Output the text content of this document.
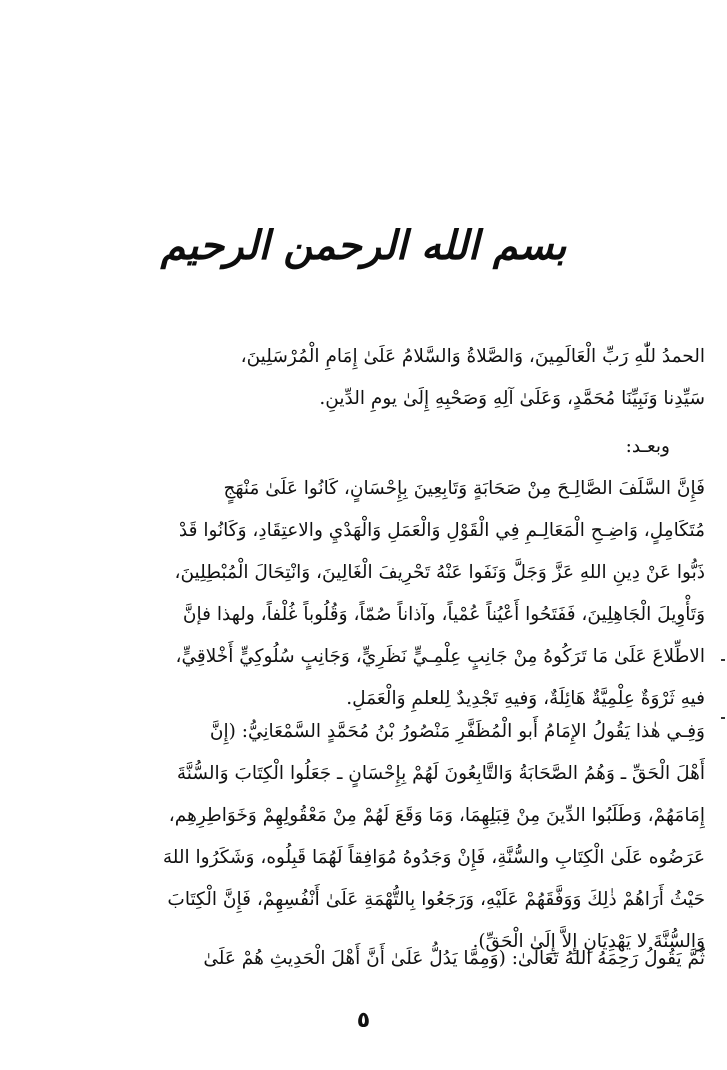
بسم الله الرحمن الرحيم
الحمدُ للّٰهِ رَبِّ الْعَالَمِينَ، وَالصَّلاةُ وَالسَّلامُ عَلَىٰ إِمَامِ الْمُرْسَلِينَ،
سَيِّدِنا وَنَبِيِّنَا مُحَمَّدٍ، وَعَلَىٰ آلِهِ وَصَحْبِهِ إِلَىٰ يومِ الدِّينِ.
وبعـد:
فَإِنَّ السَّلَفَ الصَّالِـحَ مِنْ صَحَابَةٍ وَتَابِعِينَ بِإِحْسَانٍ، كَانُوا عَلَىٰ مَنْهَجٍ
مُتَكَامِلٍ، وَاضِـحِ الْمَعَالِـمِ فِي الْقَوْلِ وَالْعَمَلِ وَالْهَدْيِ والاعتِقَادِ، وَكَانُوا قَدْ
ذَبُّوا عَنْ دِينِ اللهِ عَزَّ وَجَلَّ وَنَفَوا عَنْهُ تَحْرِيفَ الْغَالِينَ، وَانْتِحَالَ الْمُبْطِلِينَ،
وَتَأْوِيلَ الْجَاهِلِينَ، فَفَتَحُوا أَعْيُناً عُمْياً، وآذاناً صُمّاً، وَقُلُوباً غُلْفاً، ولهذا فإنَّ
الاطِّلاعَ عَلَىٰ مَا تَرَكُوهُ مِنْ جَانِبٍ عِلْمِـيٍّ نَظَرِيٍّ، وَجَانِبٍ سُلُوكِيٍّ أَخْلاقِيٍّ،
فيهِ ثَرْوَةٌ عِلْمِيَّةٌ هَائِلَةٌ، وَفيهِ تَجْدِيدٌ لِلعلمِ وَالْعَمَلِ.
وَفِـي هٰذا يَقُولُ الإِمَامُ أَبو الْمُظَفَّرِ مَنْصُورُ بْنُ مُحَمَّدٍ السَّمْعَانِيُّ: (إِنَّ
أَهْلَ الْحَقِّ ـ وَهُمُ الصَّحَابَةُ وَالتَّابِعُونَ لَهُمْ بِإِحْسَانٍ ـ جَعَلُوا الْكِتَابَ وَالسُّنَّةَ
إِمَامَهُمْ، وَطَلَبُوا الدِّينَ مِنْ قِبَلِهِمَا، وَمَا وَقَعَ لَهُمْ مِنْ مَعْقُولِهِمْ وَخَوَاطِرِهِم،
عَرَضُوه عَلَىٰ الْكِتَابِ والسُّنَّةِ، فَإِنْ وَجَدُوهُ مُوَافِقاً لَهُمَا قَبِلُوه، وَشَكَرُوا اللهَ
حَيْثُ أَرَاهُمْ ذٰلِكَ وَوَفَّقَهُمْ عَلَيْهِ، وَرَجَعُوا بِالتُّهْمَةِ عَلَىٰ أَنْفُسِهِمْ، فَإِنَّ الْكِتَابَ
وَالسُّنَّةَ لا يَهْدِيَانِ إِلاَّ إِلَىٰ الْحَقِّ).
ثُمَّ يَقُولُ رَحِمَهُ اللهُ تَعَالَىٰ: (وَمِمَّا يَدُلُّ عَلَىٰ أَنَّ أَهْلَ الْحَدِيثِ هُمْ عَلَىٰ
٥
